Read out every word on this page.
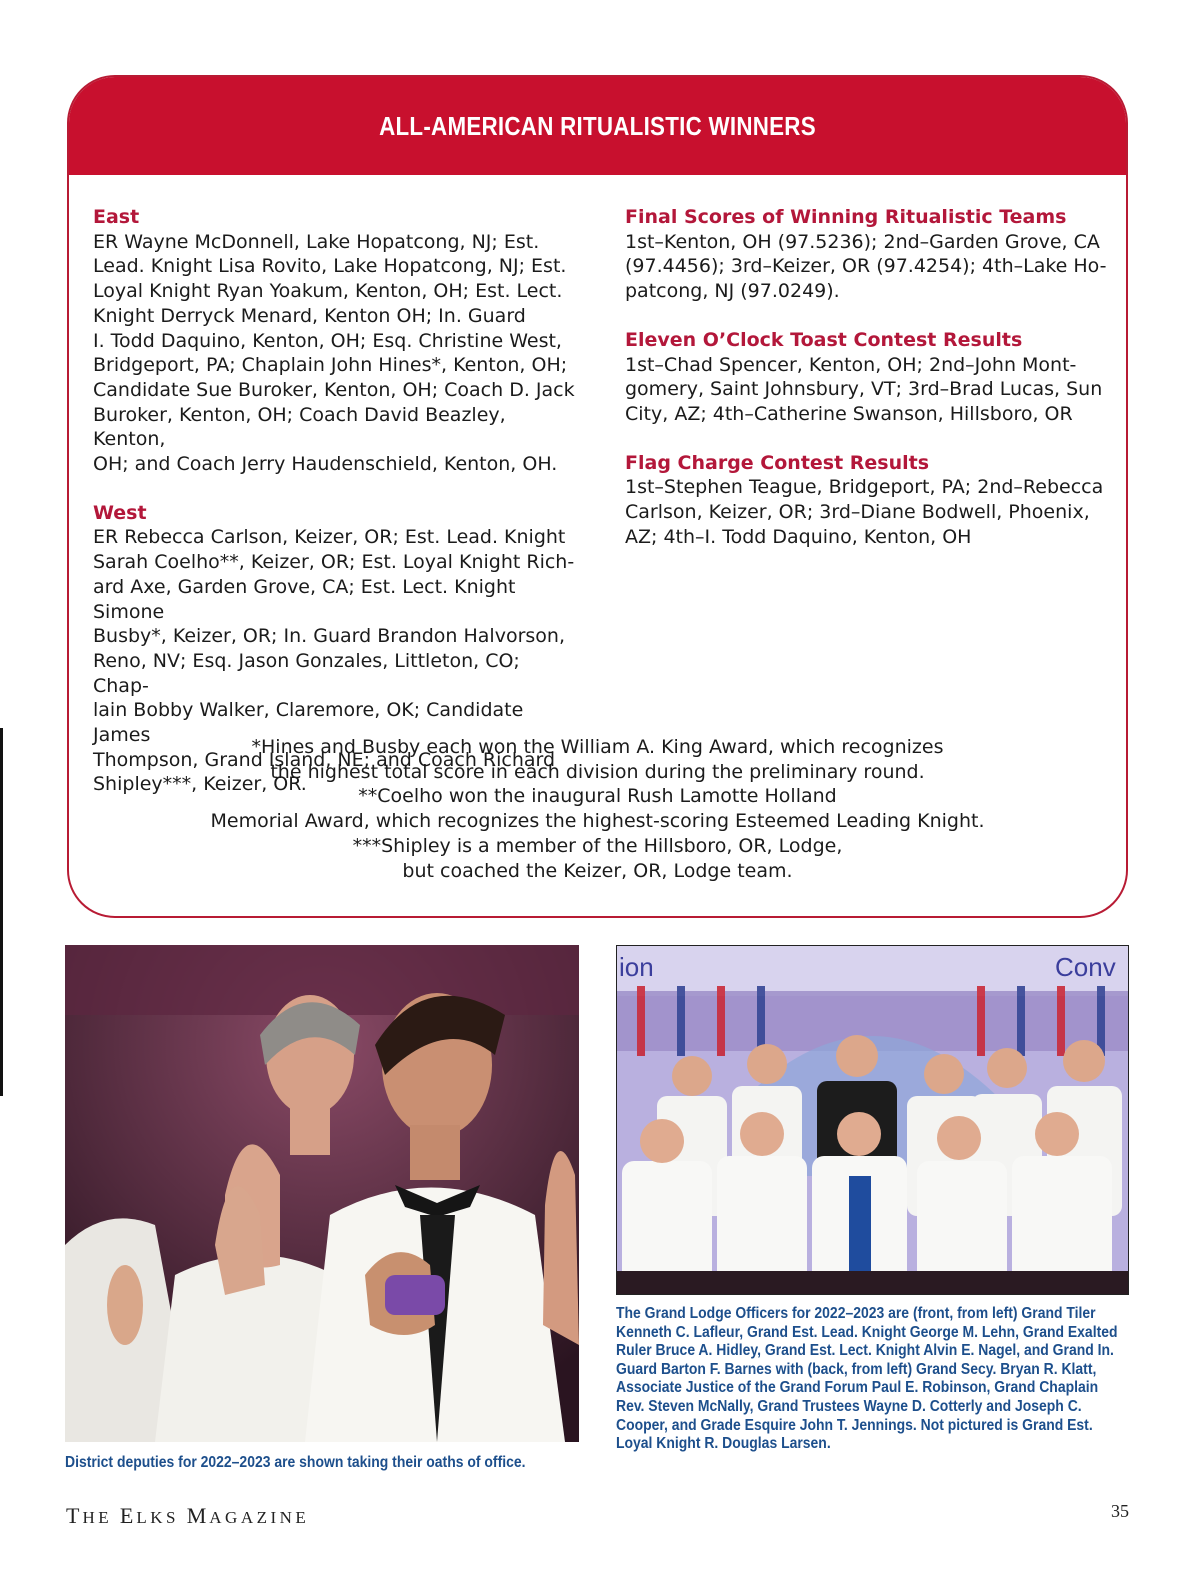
ALL-AMERICAN RITUALISTIC WINNERS
East

ER Wayne McDonnell, Lake Hopatcong, NJ; Est.

Lead. Knight Lisa Rovito, Lake Hopatcong, NJ; Est.

Loyal Knight Ryan Yoakum, Kenton, OH; Est. Lect.

Knight Derryck Menard, Kenton OH; In. Guard

I. Todd Daquino, Kenton, OH; Esq. Christine West,

Bridgeport, PA; Chaplain John Hines*, Kenton, OH;

Candidate Sue Buroker, Kenton, OH; Coach D. Jack

Buroker, Kenton, OH; Coach David Beazley, Kenton,

OH; and Coach Jerry Haudenschield, Kenton, OH.

West

ER Rebecca Carlson, Keizer, OR; Est. Lead. Knight

Sarah Coelho**, Keizer, OR; Est. Loyal Knight Rich-

ard Axe, Garden Grove, CA; Est. Lect. Knight Simone

Busby*, Keizer, OR; In. Guard Brandon Halvorson,

Reno, NV; Esq. Jason Gonzales, Littleton, CO; Chap-

lain Bobby Walker, Claremore, OK; Candidate James

Thompson, Grand Island, NE; and Coach Richard

Shipley***, Keizer, OR.

Final Scores of Winning Ritualistic Teams

1st–Kenton, OH (97.5236); 2nd–Garden Grove, CA

(97.4456); 3rd–Keizer, OR (97.4254); 4th–Lake Ho-

patcong, NJ (97.0249).

Eleven O’Clock Toast Contest Results

1st–Chad Spencer, Kenton, OH; 2nd–John Mont-

gomery, Saint Johnsbury, VT; 3rd–Brad Lucas, Sun

City, AZ; 4th–Catherine Swanson, Hillsboro, OR

Flag Charge Contest Results

1st–Stephen Teague, Bridgeport, PA; 2nd–Rebecca

Carlson, Keizer, OR; 3rd–Diane Bodwell, Phoenix,

AZ; 4th–I. Todd Daquino, Kenton, OH

*Hines and Busby each won the William A. King Award, which recognizes
the highest total score in each division during the preliminary round.
**Coelho won the inaugural Rush Lamotte Holland
Memorial Award, which recognizes the highest-scoring Esteemed Leading Knight.
***Shipley is a member of the Hillsboro, OR, Lodge,
but coached the Keizer, OR, Lodge team.
District deputies for 2022–2023 are shown taking their oaths of office.
ion	Conv
The Grand Lodge Officers for 2022–2023 are (front, from left) Grand Tiler Kenneth C. Lafleur, Grand Est. Lead. Knight George M. Lehn, Grand Exalted Ruler Bruce A. Hidley, Grand Est. Lect. Knight Alvin E. Nagel, and Grand In. Guard Barton F. Barnes with (back, from left) Grand Secy. Bryan R. Klatt, Associate Justice of the Grand Forum Paul E. Robinson, Grand Chaplain Rev. Steven McNally, Grand Trustees Wayne D. Cotterly and Joseph C. Cooper, and Grade Esquire John T. Jennings. Not pictured is Grand Est. Loyal Knight R. Douglas Larsen.
THE ELKS MAGAZINE	35
